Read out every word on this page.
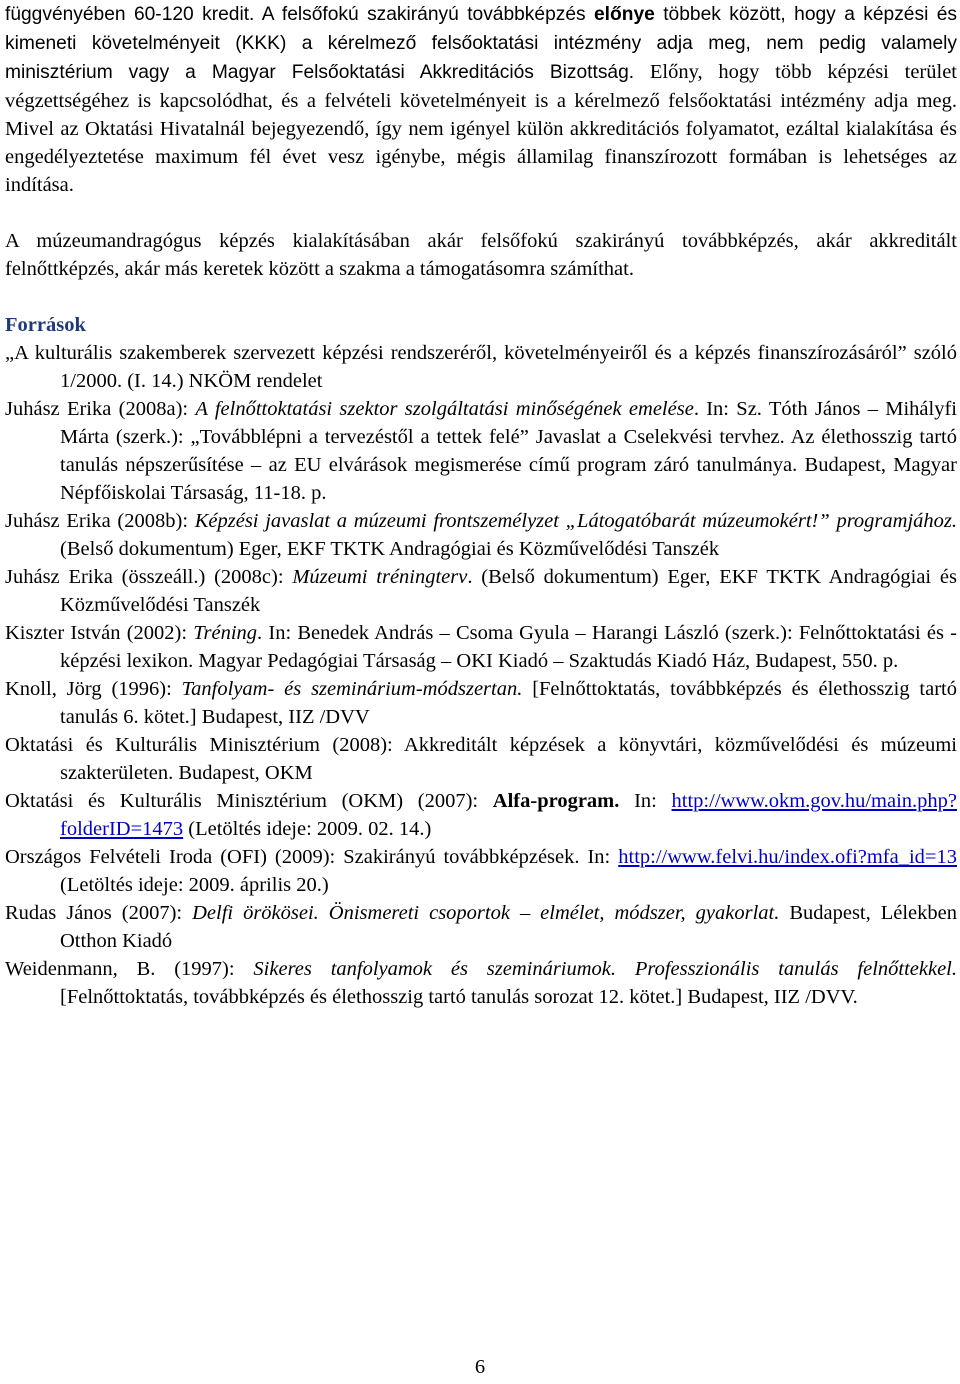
függvényében 60-120 kredit. A felsőfokú szakirányú továbbképzés előnye többek között, hogy a képzési és kimeneti követelményeit (KKK) a kérelmező felsőoktatási intézmény adja meg, nem pedig valamely minisztérium vagy a Magyar Felsőoktatási Akkreditációs Bizottság. Előny, hogy több képzési terület végzettségéhez is kapcsolódhat, és a felvételi követelményeit is a kérelmező felsőoktatási intézmény adja meg. Mivel az Oktatási Hivatalnál bejegyezendő, így nem igényel külön akkreditációs folyamatot, ezáltal kialakítása és engedélyeztetése maximum fél évet vesz igénybe, mégis államilag finanszírozott formában is lehetséges az indítása.

A múzeumandragógus képzés kialakításában akár felsőfokú szakirányú továbbképzés, akár akkreditált felnőttképzés, akár más keretek között a szakma a támogatásomra számíthat.

Források

„A kulturális szakemberek szervezett képzési rendszeréről, követelményeiről és a képzés finanszírozásáról” szóló 1/2000. (I. 14.) NKÖM rendelet

Juhász Erika (2008a): A felnőttoktatási szektor szolgáltatási minőségének emelése. In: Sz. Tóth János – Mihályfi Márta (szerk.): „Továbblépni a tervezéstől a tettek felé” Javaslat a Cselekvési tervhez. Az élethosszig tartó tanulás népszerűsítése – az EU elvárások megismerése című program záró tanulmánya. Budapest, Magyar Népfőiskolai Társaság, 11-18. p.

Juhász Erika (2008b): Képzési javaslat a múzeumi frontszemélyzet „Látogatóbarát múzeumokért!” programjához. (Belső dokumentum) Eger, EKF TKTK Andragógiai és Közművelődési Tanszék

Juhász Erika (összeáll.) (2008c): Múzeumi tréningterv. (Belső dokumentum) Eger, EKF TKTK Andragógiai és Közművelődési Tanszék

Kiszter István (2002): Tréning. In: Benedek András – Csoma Gyula – Harangi László (szerk.): Felnőttoktatási és -képzési lexikon. Magyar Pedagógiai Társaság – OKI Kiadó – Szaktudás Kiadó Ház, Budapest, 550. p.

Knoll, Jörg (1996): Tanfolyam- és szeminárium-módszertan. [Felnőttoktatás, továbbképzés és élethosszig tartó tanulás 6. kötet.] Budapest, IIZ /DVV

Oktatási és Kulturális Minisztérium (2008): Akkreditált képzések a könyvtári, közművelődési és múzeumi szakterületen. Budapest, OKM

Oktatási és Kulturális Minisztérium (OKM) (2007): Alfa-program. In: http://www.okm.gov.hu/main.php?folderID=1473 (Letöltés ideje: 2009. 02. 14.)

Országos Felvételi Iroda (OFI) (2009): Szakirányú továbbképzések. In: http://www.felvi.hu/index.ofi?mfa_id=13 (Letöltés ideje: 2009. április 20.)

Rudas János (2007): Delfi örökösei. Önismereti csoportok – elmélet, módszer, gyakorlat. Budapest, Lélekben Otthon Kiadó

Weidenmann, B. (1997): Sikeres tanfolyamok és szemináriumok. Professzionális tanulás felnőttekkel. [Felnőttoktatás, továbbképzés és élethosszig tartó tanulás sorozat 12. kötet.] Budapest, IIZ /DVV.

6
